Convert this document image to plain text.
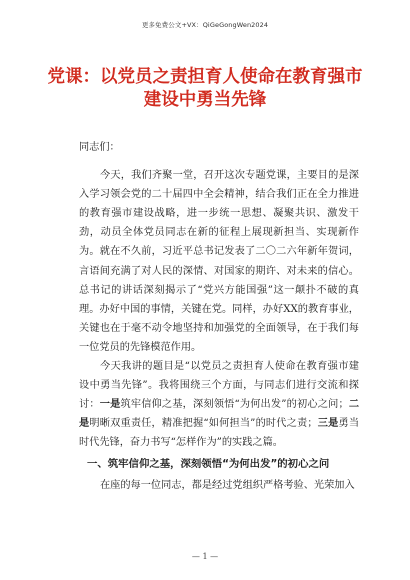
更多免费公文+VX：QiGeGongWen2024
党课：以党员之责担育人使命在教育强市
建设中勇当先锋

同志们：

今天，我们齐聚一堂，召开这次专题党课，主要目的是深入学习领会党的二十届四中全会精神，结合我们正在全力推进的教育强市建设战略，进一步统一思想、凝聚共识、激发干劲，动员全体党员同志在新的征程上展现新担当、实现新作为。就在不久前，习近平总书记发表了二〇二六年新年贺词，言语间充满了对人民的深情、对国家的期许、对未来的信心。总书记的讲话深刻揭示了“党兴方能国强”这一颠扑不破的真理。办好中国的事情，关键在党。同样，办好XX的教育事业，关键也在于毫不动令地坚持和加强党的全面领导，在于我们每一位党员的先锋模范作用。

今天我讲的题目是“以党员之责担育人使命在教育强市建设中勇当先锋”。我将围绕三个方面，与同志们进行交流和探讨：一是筑牢信仰之基，深刻领悟“为何出发”的初心之问；二是明晰双重责任，精准把握“如何担当”的时代之责；三是勇当时代先锋，奋力书写“怎样作为”的实践之篇。

一、筑牢信仰之基，深刻领悟“为何出发”的初心之问

在座的每一位同志，都是经过党组织严格考验、光荣加入

— 1 —
